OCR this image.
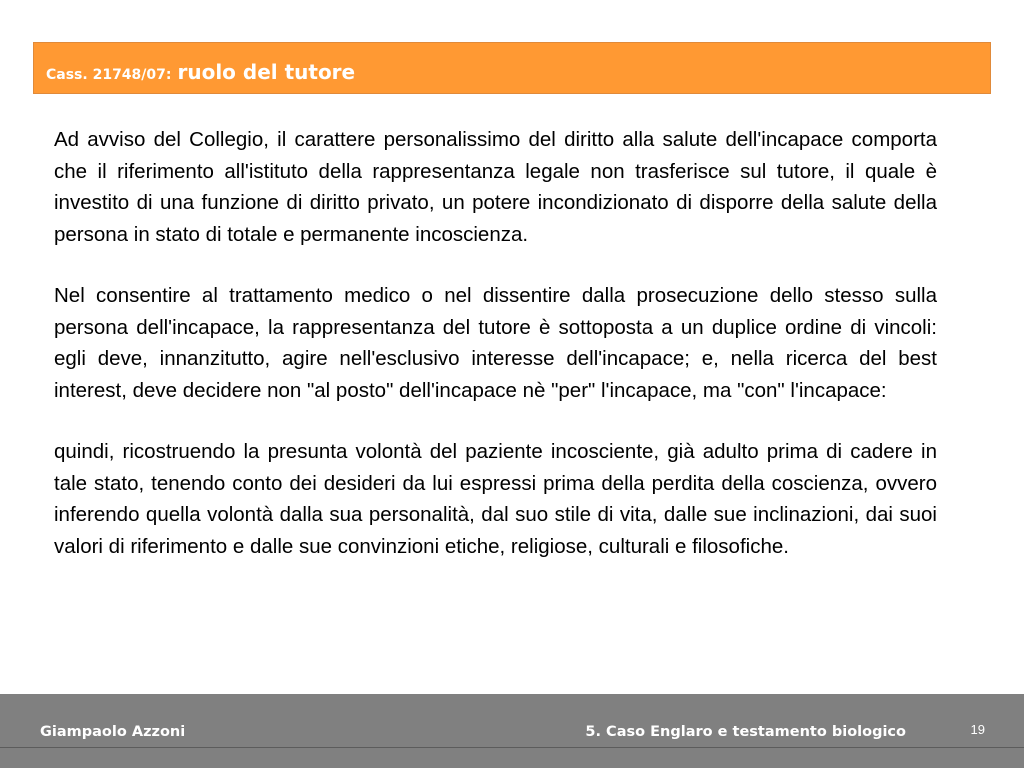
Cass. 21748/07: ruolo del tutore

Ad avviso del Collegio, il carattere personalissimo del diritto alla salute dell'incapace comporta che il riferimento all'istituto della rappresentanza legale non trasferisce sul tutore, il quale è investito di una funzione di diritto privato, un potere incondizionato di disporre della salute della persona in stato di totale e permanente incoscienza.

Nel consentire al trattamento medico o nel dissentire dalla prosecuzione dello stesso sulla persona dell'incapace, la rappresentanza del tutore è sottoposta a un duplice ordine di vincoli: egli deve, innanzitutto, agire nell'esclusivo interesse dell'incapace; e, nella ricerca del best interest, deve decidere non "al posto" dell'incapace nè "per" l'incapace, ma "con" l'incapace:

quindi, ricostruendo la presunta volontà del paziente incosciente, già adulto prima di cadere in tale stato, tenendo conto dei desideri da lui espressi prima della perdita della coscienza, ovvero inferendo quella volontà dalla sua personalità, dal suo stile di vita, dalle sue inclinazioni, dai suoi valori di riferimento e dalle sue convinzioni etiche, religiose, culturali e filosofiche.

Giampaolo Azzoni	5. Caso Englaro e testamento biologico	19
